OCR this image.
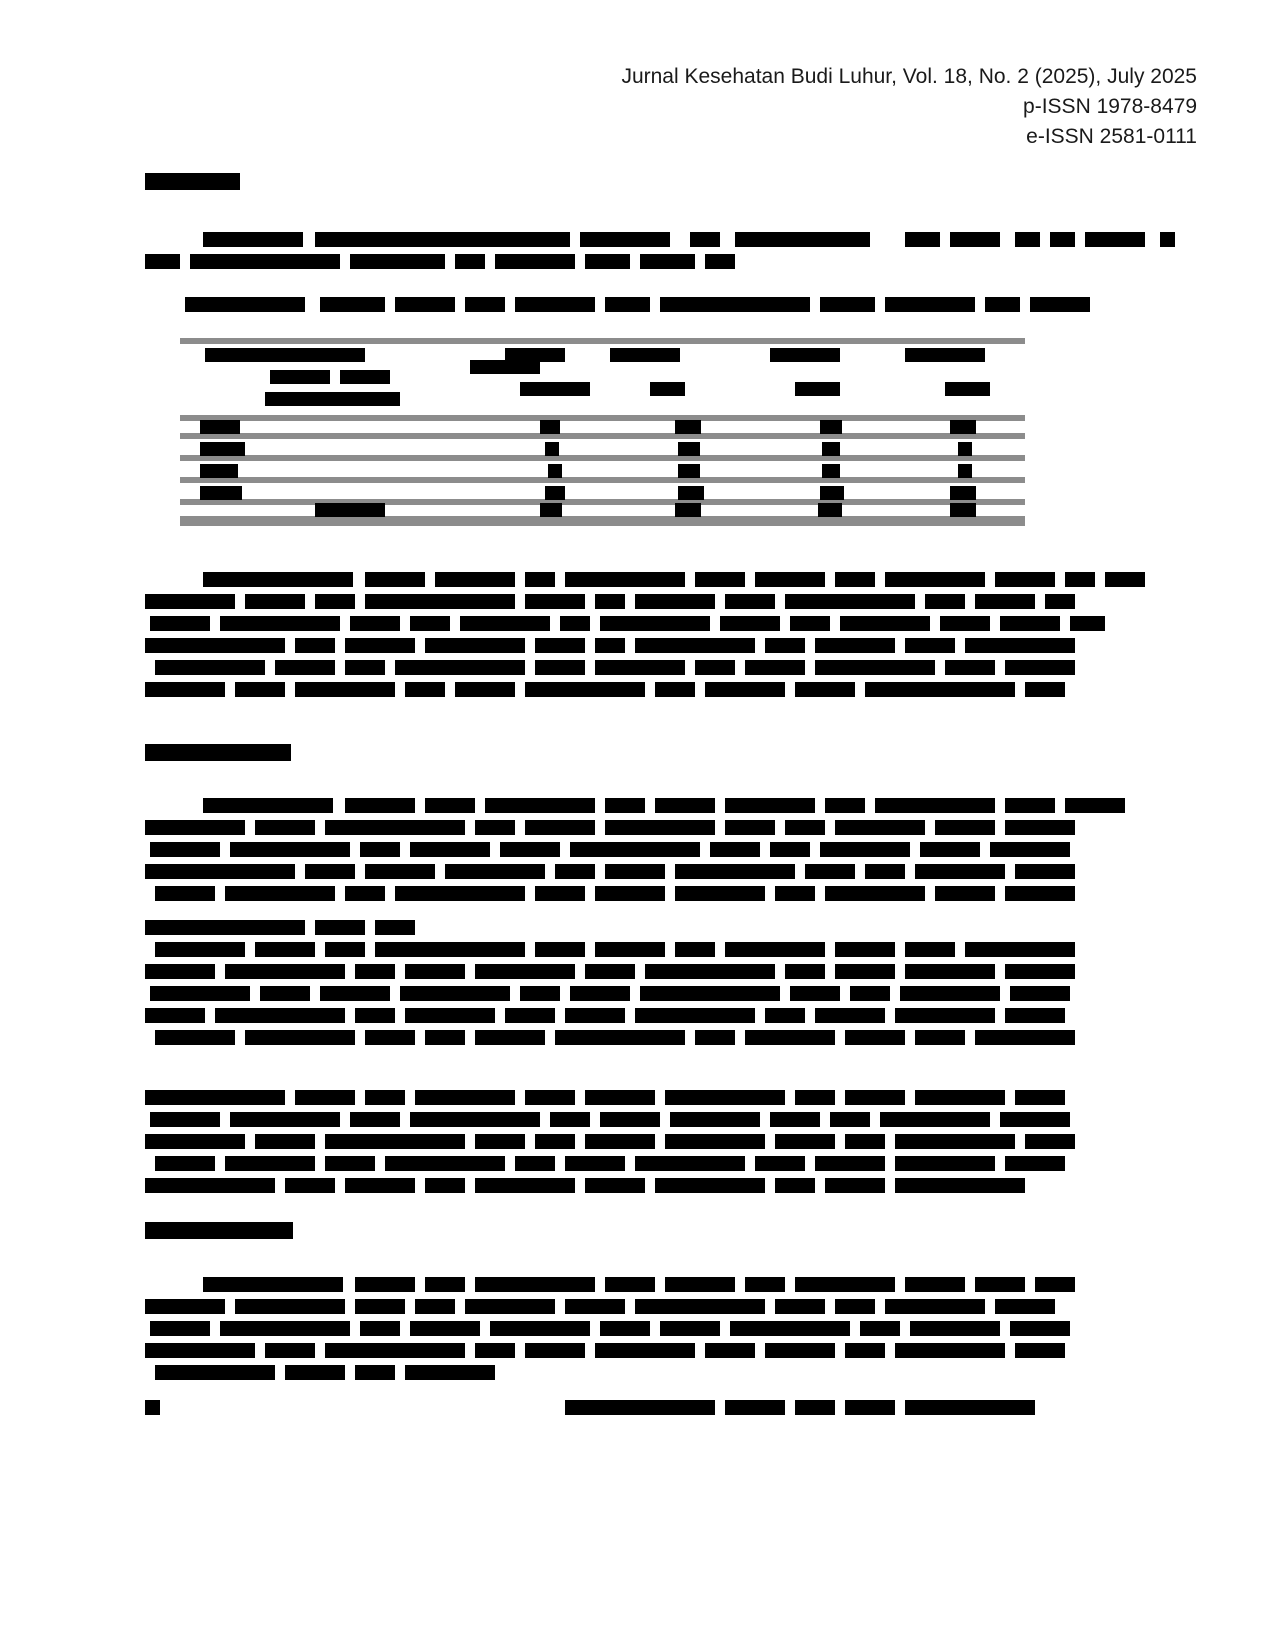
Jurnal Kesehatan Budi Luhur, Vol. 18, No. 2 (2025), July 2025
p-ISSN 1978-8479
e-ISSN 2581-0111
